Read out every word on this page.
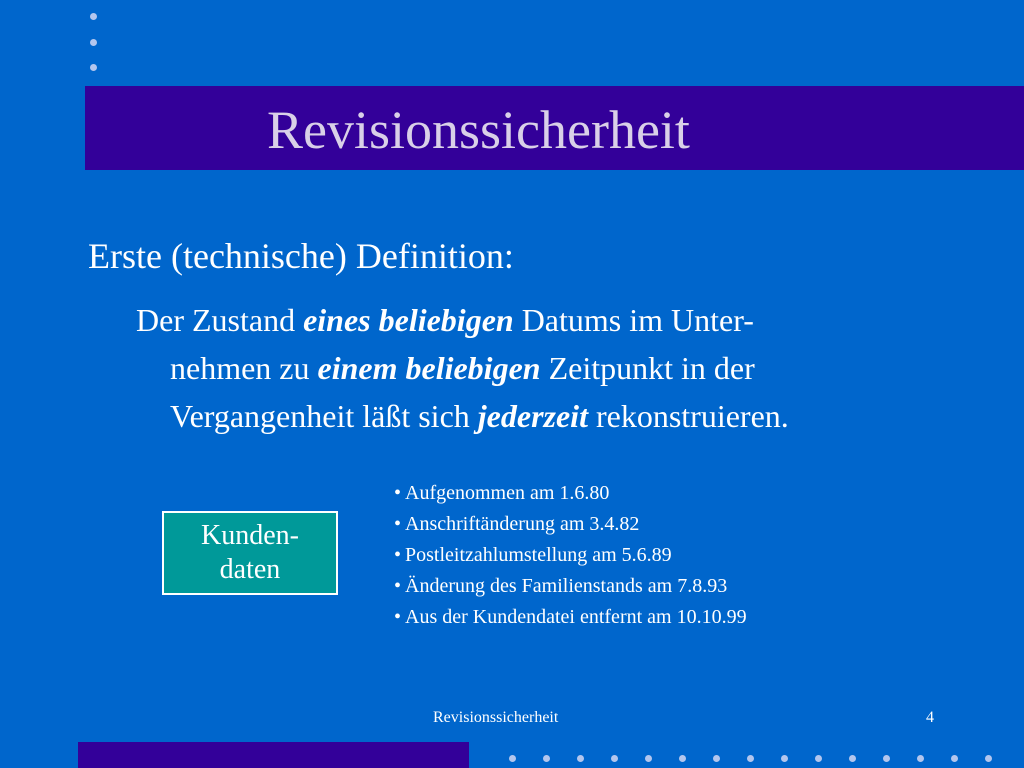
Revisionssicherheit
Erste (technische) Definition:
Der Zustand eines beliebigen Datums im Unter-
nehmen zu einem beliebigen Zeitpunkt in der
Vergangenheit läßt sich jederzeit rekonstruieren.
Kunden-
daten
• Aufgenommen am 1.6.80
• Anschriftänderung am 3.4.82
• Postleitzahlumstellung am 5.6.89
• Änderung des Familienstands am 7.8.93
• Aus der Kundendatei entfernt am 10.10.99
Revisionssicherheit	4
